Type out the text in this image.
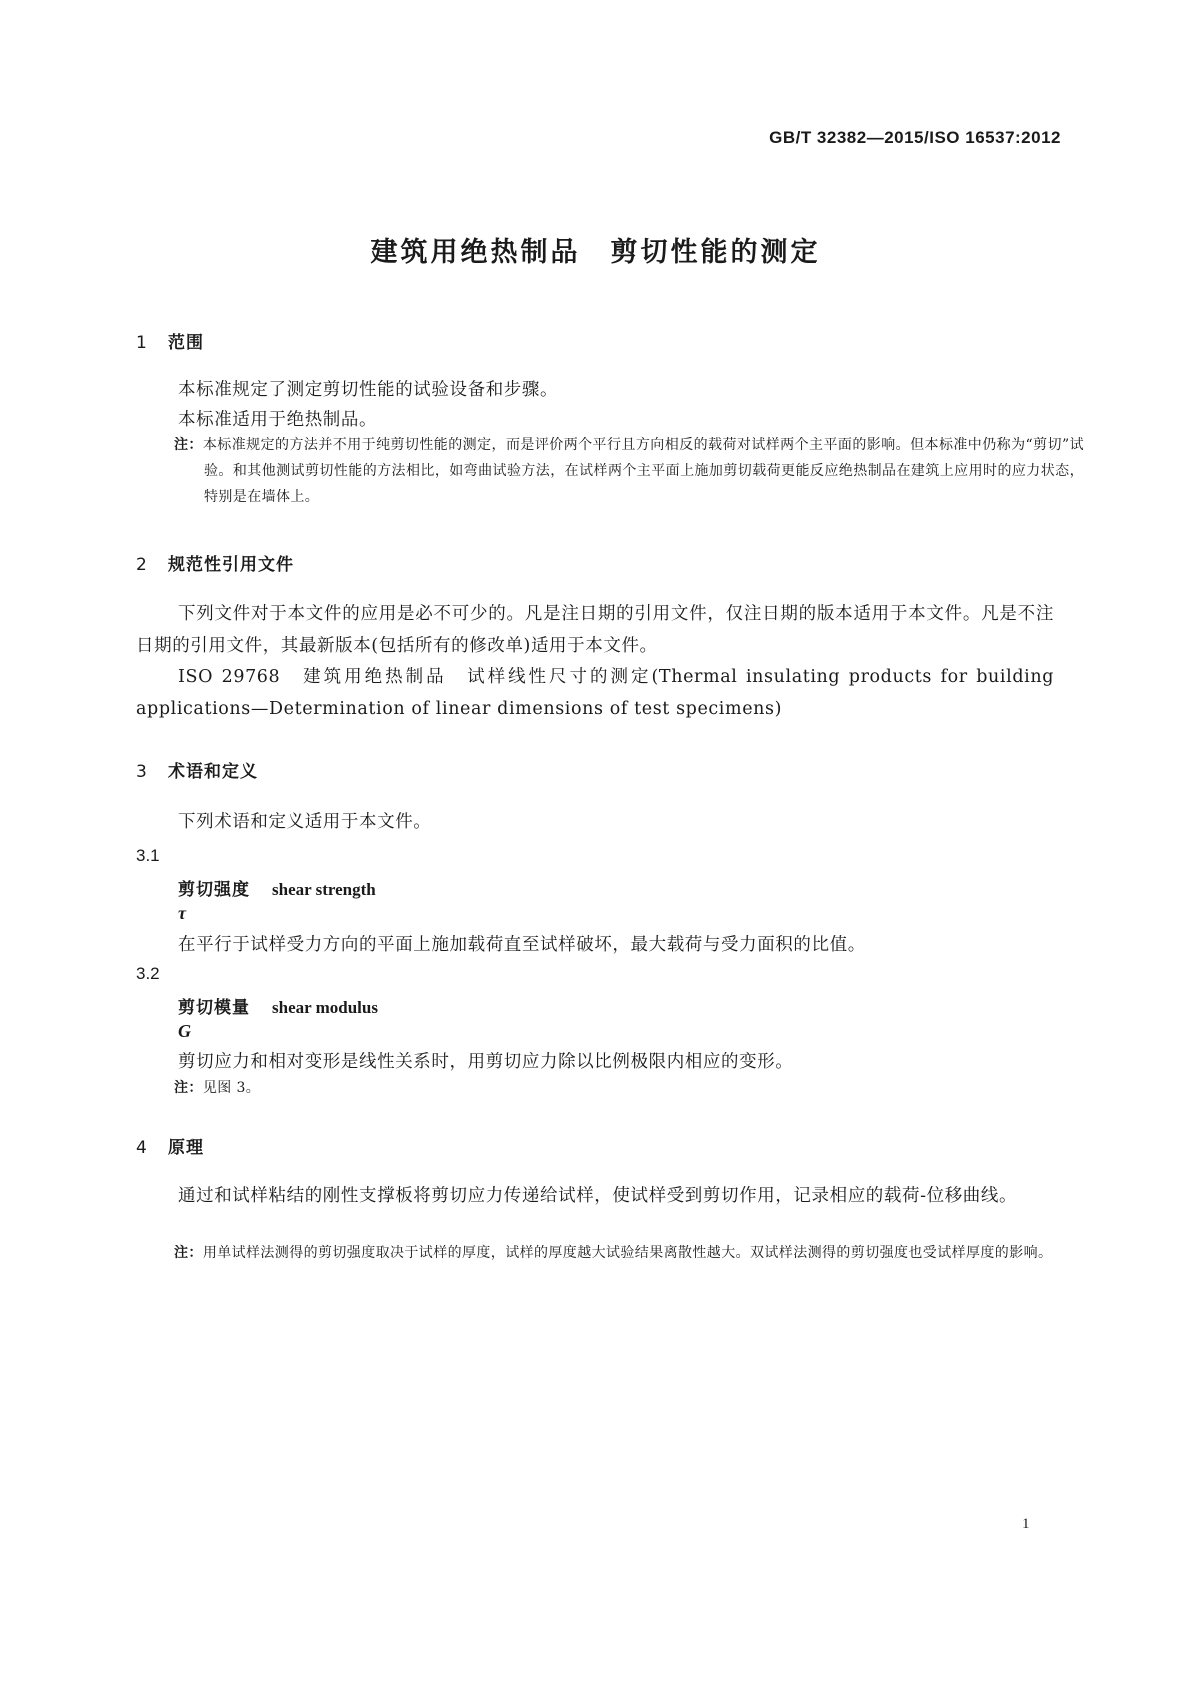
GB/T 32382—2015/ISO 16537:2012
建筑用绝热制品　剪切性能的测定
1 范围
本标准规定了测定剪切性能的试验设备和步骤。
本标准适用于绝热制品。

注：本标准规定的方法并不用于纯剪切性能的测定，而是评价两个平行且方向相反的载荷对试样两个主平面的影响。但本标准中仍称为“剪切”试验。和其他测试剪切性能的方法相比，如弯曲试验方法，在试样两个主平面上施加剪切载荷更能反应绝热制品在建筑上应用时的应力状态，特别是在墙体上。

2 规范性引用文件

下列文件对于本文件的应用是必不可少的。凡是注日期的引用文件，仅注日期的版本适用于本文件。凡是不注日期的引用文件，其最新版本(包括所有的修改单)适用于本文件。

ISO 29768　建筑用绝热制品　试样线性尺寸的测定(Thermal insulating products for building applications—Determination of linear dimensions of test specimens)

3 术语和定义
下列术语和定义适用于本文件。
3.1
剪切强度 shear strength
τ
在平行于试样受力方向的平面上施加载荷直至试样破坏，最大载荷与受力面积的比值。
3.2
剪切模量 shear modulus
G
剪切应力和相对变形是线性关系时，用剪切应力除以比例极限内相应的变形。

注：见图 3。

4 原理

通过和试样粘结的刚性支撑板将剪切应力传递给试样，使试样受到剪切作用，记录相应的载荷-位移曲线。

注：用单试样法测得的剪切强度取决于试样的厚度，试样的厚度越大试验结果离散性越大。双试样法测得的剪切强度也受试样厚度的影响。

1
